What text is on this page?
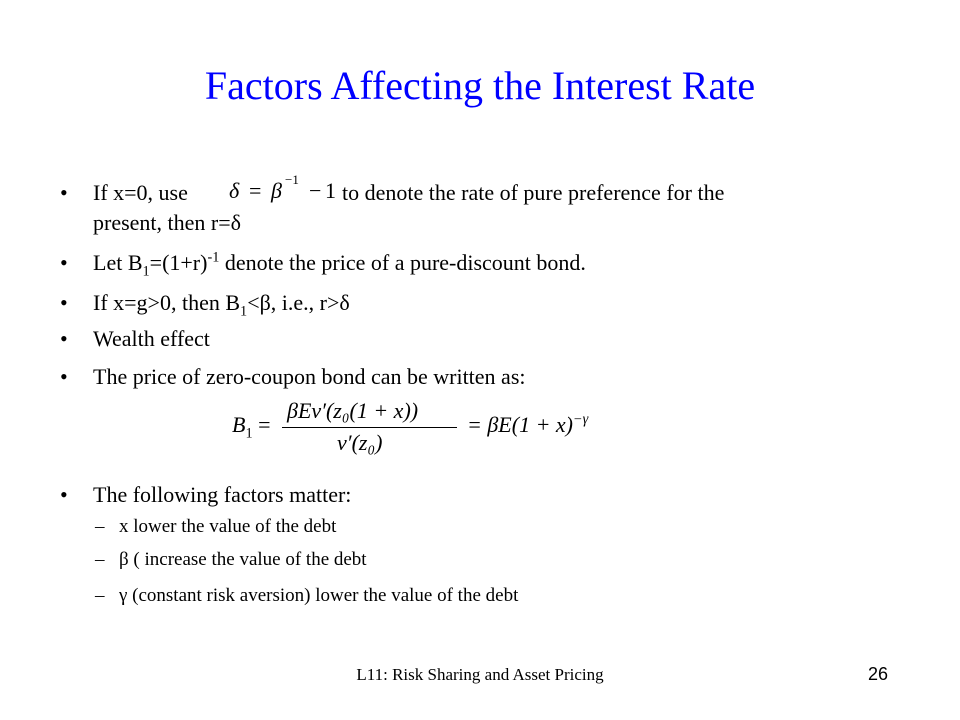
Factors Affecting the Interest Rate
• If x=0, use	to denote the rate of pure preference for the
present, then r=δ
δ = β −1 − 1
• Let $B_1=(1+r)^{-1}$ denote the price of a pure-discount bond.
• If x=g>0, then $B_1<\beta$, i.e., r>δ
• Wealth effect
• The price of zero-coupon bond can be written as:
$B_1$ =
βEv′(z₀(1 + x))
v′(z₀)
= $\beta E(1 + x)^{-\gamma}$
• The following factors matter:
– x lower the value of the debt
– β ( increase the value of the debt
– γ (constant risk aversion) lower the value of the debt
L11: Risk Sharing and Asset Pricing	26
